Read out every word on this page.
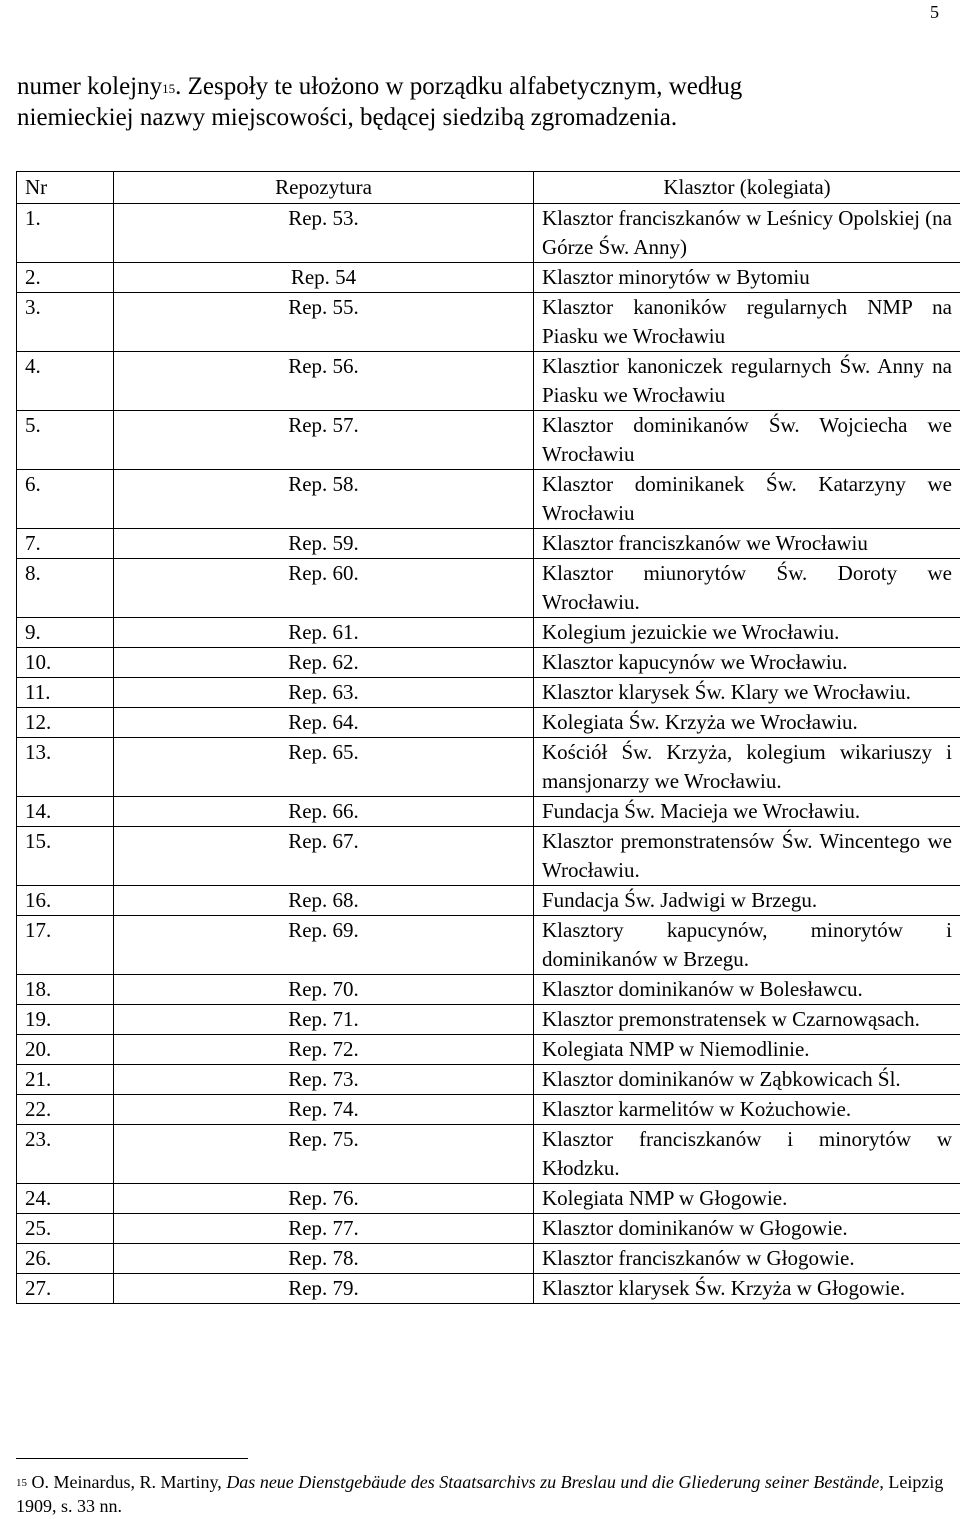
5
numer kolejny$^{15}$. Zespoły te ułożono w porządku alfabetycznym, według
niemieckiej nazwy miejscowości, będącej siedzibą zgromadzenia.
Nr	Repozytura	Klasztor (kolegiata)
1.	Rep. 53.	Klasztor franciszkanów w Leśnicy Opolskiej (na Górze Św. Anny)
2.	Rep. 54	Klasztor minorytów w Bytomiu
3.	Rep. 55.	Klasztor kanoników regularnych NMP na Piasku we Wrocławiu
4.	Rep. 56.	Klasztior kanoniczek regularnych Św. Anny na Piasku we Wrocławiu
5.	Rep. 57.	Klasztor dominikanów Św. Wojciecha we Wrocławiu
6.	Rep. 58.	Klasztor dominikanek Św. Katarzyny we Wrocławiu
7.	Rep. 59.	Klasztor franciszkanów we Wrocławiu
8.	Rep. 60.	Klasztor miunorytów Św. Doroty we Wrocławiu.
9.	Rep. 61.	Kolegium jezuickie we Wrocławiu.
10.	Rep. 62.	Klasztor kapucynów we Wrocławiu.
11.	Rep. 63.	Klasztor klarysek Św. Klary we Wrocławiu.
12.	Rep. 64.	Kolegiata Św. Krzyża we Wrocławiu.
13.	Rep. 65.	Kościół Św. Krzyża, kolegium wikariuszy i mansjonarzy we Wrocławiu.
14.	Rep. 66.	Fundacja Św. Macieja we Wrocławiu.
15.	Rep. 67.	Klasztor premonstratensów Św. Wincentego we Wrocławiu.
16.	Rep. 68.	Fundacja Św. Jadwigi w Brzegu.
17.	Rep. 69.	Klasztory kapucynów, minorytów i dominikanów w Brzegu.
18.	Rep. 70.	Klasztor dominikanów w Bolesławcu.
19.	Rep. 71.	Klasztor premonstratensek w Czarnowąsach.
20.	Rep. 72.	Kolegiata NMP w Niemodlinie.
21.	Rep. 73.	Klasztor dominikanów w Ząbkowicach Śl.
22.	Rep. 74.	Klasztor karmelitów w Kożuchowie.
23.	Rep. 75.	Klasztor franciszkanów i minorytów w Kłodzku.
24.	Rep. 76.	Kolegiata NMP w Głogowie.
25.	Rep. 77.	Klasztor dominikanów w Głogowie.
26.	Rep. 78.	Klasztor franciszkanów w Głogowie.
27.	Rep. 79.	Klasztor klarysek Św. Krzyża w Głogowie.
$^{15}$ O. Meinardus, R. Martiny, Das neue Dienstgebäude des Staatsarchivs zu Breslau und die Gliederung seiner Bestände, Leipzig 1909, s. 33 nn.
